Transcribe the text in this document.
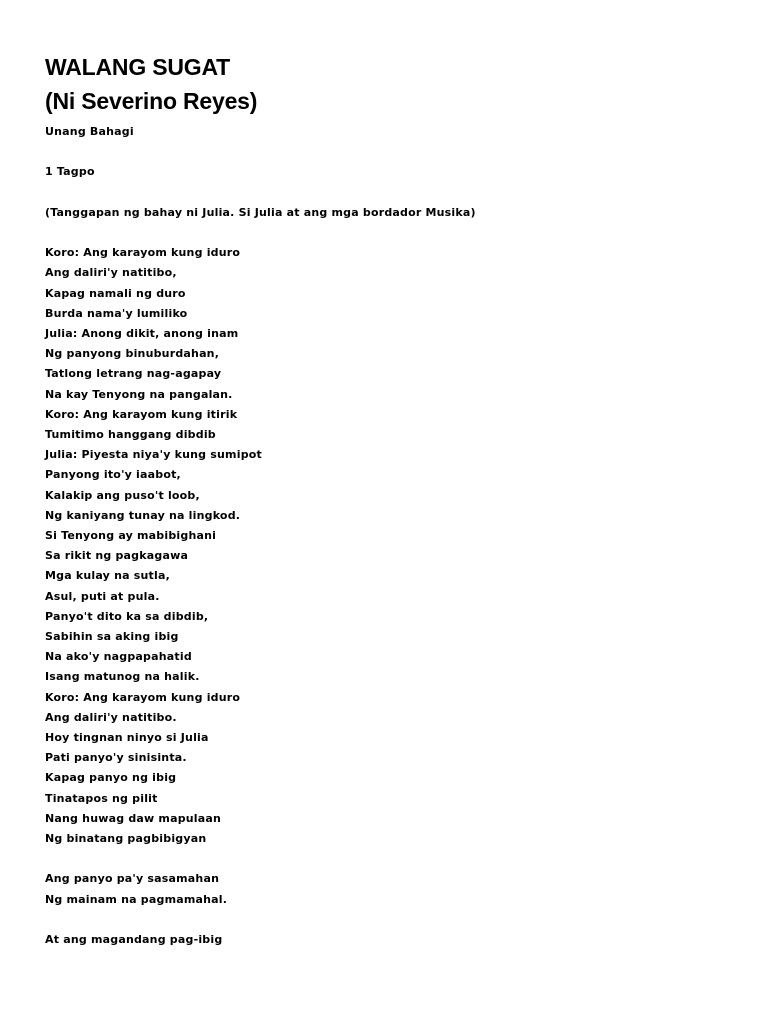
WALANG SUGAT
(Ni Severino Reyes)

Unang Bahagi

1 Tagpo

(Tanggapan ng bahay ni Julia. Si Julia at ang mga bordador Musika)

Koro: Ang karayom kung iduro

Ang daliri'y natitibo,

Kapag namali ng duro

Burda nama'y lumiliko

Julia: Anong dikit, anong inam

Ng panyong binuburdahan,

Tatlong letrang nag-agapay

Na kay Tenyong na pangalan.

Koro: Ang karayom kung itirik

Tumitimo hanggang dibdib

Julia: Piyesta niya'y kung sumipot

Panyong ito'y iaabot,

Kalakip ang puso't loob,

Ng kaniyang tunay na lingkod.

Si Tenyong ay mabibighani

Sa rikit ng pagkagawa

Mga kulay na sutla,

Asul, puti at pula.

Panyo't dito ka sa dibdib,

Sabihin sa aking ibig

Na ako'y nagpapahatid

Isang matunog na halik.

Koro: Ang karayom kung iduro

Ang daliri'y natitibo.

Hoy tingnan ninyo si Julia

Pati panyo'y sinisinta.

Kapag panyo ng ibig

Tinatapos ng pilit

Nang huwag daw mapulaan

Ng binatang pagbibigyan

Ang panyo pa'y sasamahan

Ng mainam na pagmamahal.

At ang magandang pag-ibig
